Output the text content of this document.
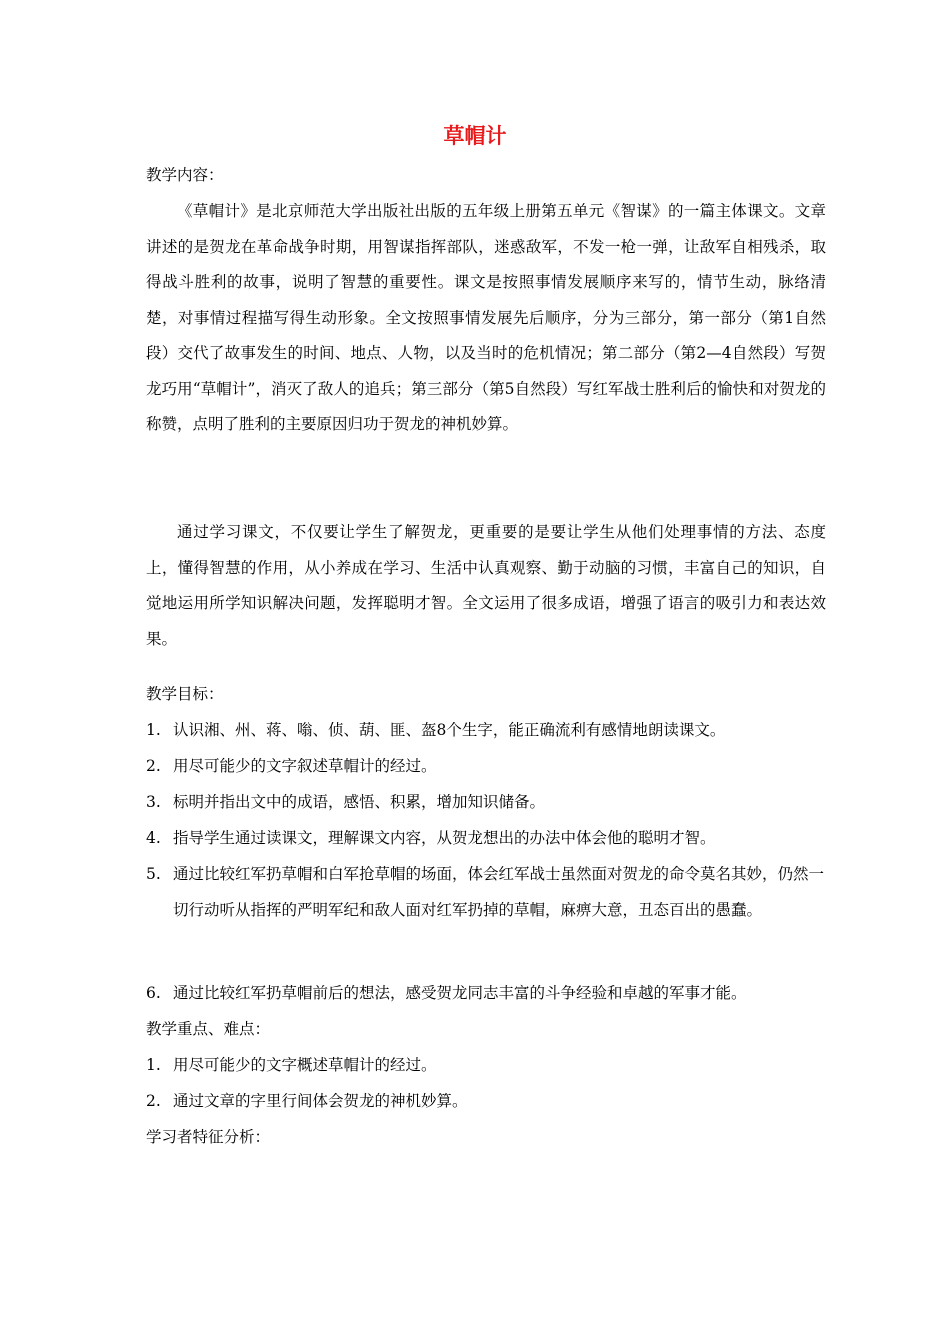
草帽计
教学内容：
《草帽计》是北京师范大学出版社出版的五年级上册第五单元《智谋》的一篇主体课文。文章讲述的是贺龙在革命战争时期，用智谋指挥部队，迷惑敌军，不发一枪一弹，让敌军自相残杀，取得战斗胜利的故事，说明了智慧的重要性。课文是按照事情发展顺序来写的，情节生动，脉络清楚，对事情过程描写得生动形象。全文按照事情发展先后顺序，分为三部分，第一部分（第1自然段）交代了故事发生的时间、地点、人物，以及当时的危机情况；第二部分（第2—4自然段）写贺龙巧用“草帽计”，消灭了敌人的追兵；第三部分（第5自然段）写红军战士胜利后的愉快和对贺龙的称赞，点明了胜利的主要原因归功于贺龙的神机妙算。
通过学习课文，不仅要让学生了解贺龙，更重要的是要让学生从他们处理事情的方法、态度上，懂得智慧的作用，从小养成在学习、生活中认真观察、勤于动脑的习惯，丰富自己的知识，自觉地运用所学知识解决问题，发挥聪明才智。全文运用了很多成语，增强了语言的吸引力和表达效果。
教学目标：
1. 认识湘、州、蒋、嗡、侦、葫、匪、盔8个生字，能正确流利有感情地朗读课文。
2. 用尽可能少的文字叙述草帽计的经过。
3. 标明并指出文中的成语，感悟、积累，增加知识储备。
4. 指导学生通过读课文，理解课文内容，从贺龙想出的办法中体会他的聪明才智。
5. 通过比较红军扔草帽和白军抢草帽的场面，体会红军战士虽然面对贺龙的命令莫名其妙，仍然一切行动听从指挥的严明军纪和敌人面对红军扔掉的草帽，麻痹大意，丑态百出的愚蠢。
6. 通过比较红军扔草帽前后的想法，感受贺龙同志丰富的斗争经验和卓越的军事才能。
教学重点、难点：
1. 用尽可能少的文字概述草帽计的经过。
2. 通过文章的字里行间体会贺龙的神机妙算。
学习者特征分析：
